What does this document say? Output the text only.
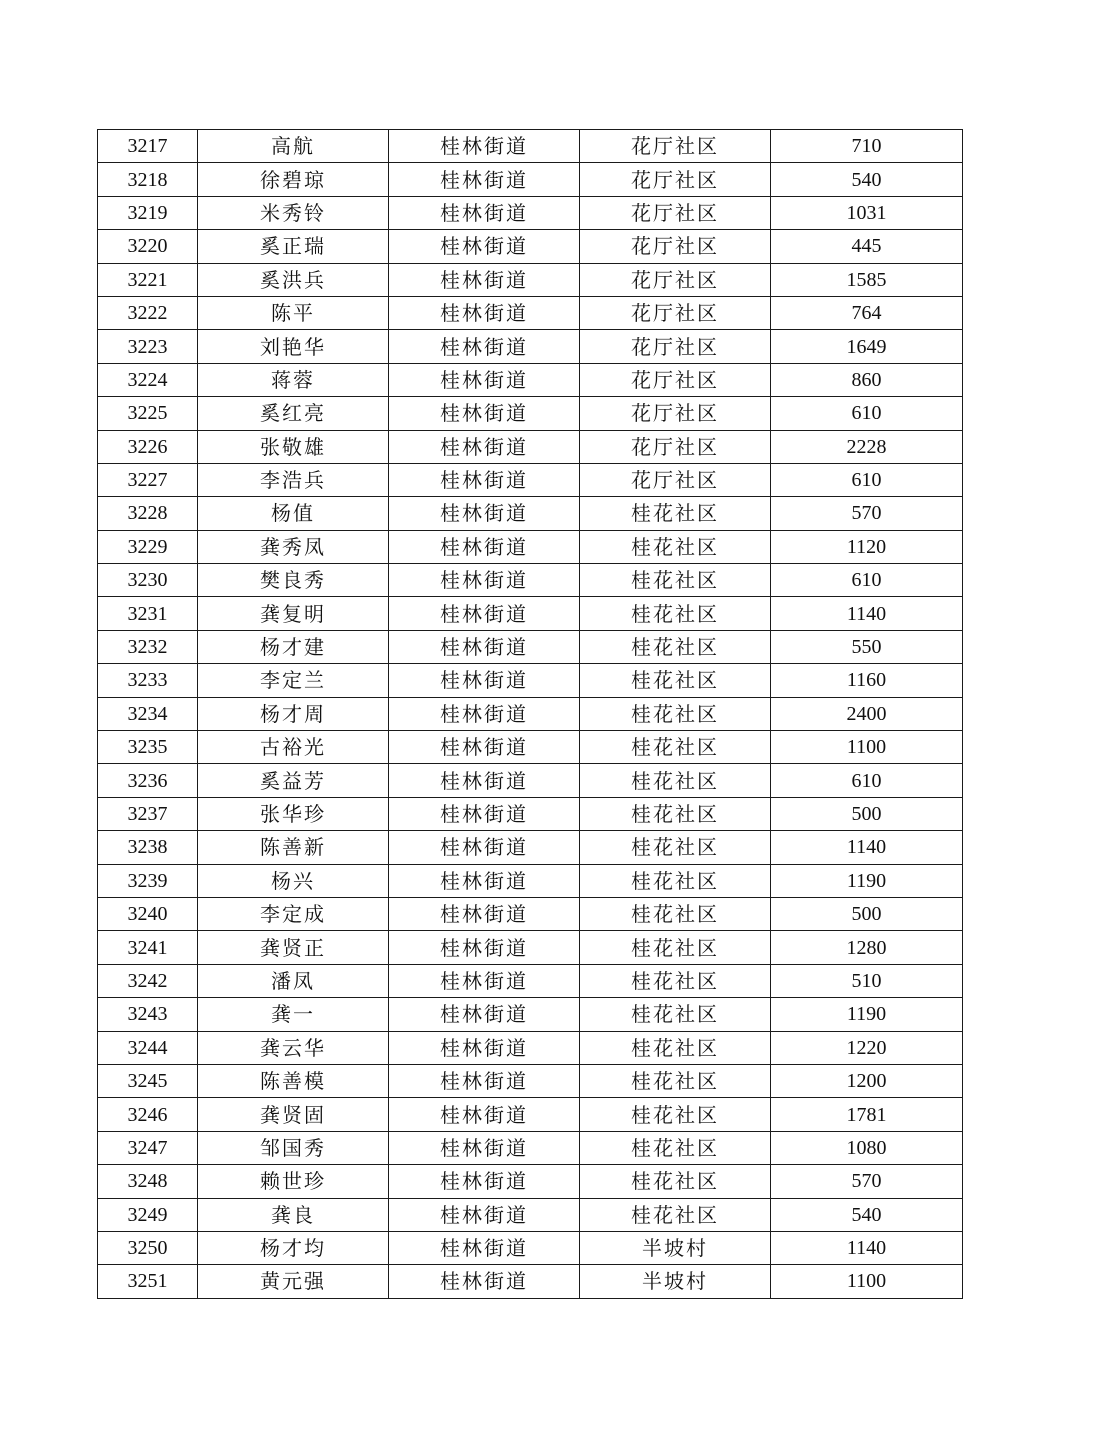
3217	高航	桂林街道	花厅社区	710
3218	徐碧琼	桂林街道	花厅社区	540
3219	米秀铃	桂林街道	花厅社区	1031
3220	奚正瑞	桂林街道	花厅社区	445
3221	奚洪兵	桂林街道	花厅社区	1585
3222	陈平	桂林街道	花厅社区	764
3223	刘艳华	桂林街道	花厅社区	1649
3224	蒋蓉	桂林街道	花厅社区	860
3225	奚红亮	桂林街道	花厅社区	610
3226	张敬雄	桂林街道	花厅社区	2228
3227	李浩兵	桂林街道	花厅社区	610
3228	杨值	桂林街道	桂花社区	570
3229	龚秀凤	桂林街道	桂花社区	1120
3230	樊良秀	桂林街道	桂花社区	610
3231	龚复明	桂林街道	桂花社区	1140
3232	杨才建	桂林街道	桂花社区	550
3233	李定兰	桂林街道	桂花社区	1160
3234	杨才周	桂林街道	桂花社区	2400
3235	古裕光	桂林街道	桂花社区	1100
3236	奚益芳	桂林街道	桂花社区	610
3237	张华珍	桂林街道	桂花社区	500
3238	陈善新	桂林街道	桂花社区	1140
3239	杨兴	桂林街道	桂花社区	1190
3240	李定成	桂林街道	桂花社区	500
3241	龚贤正	桂林街道	桂花社区	1280
3242	潘凤	桂林街道	桂花社区	510
3243	龚一	桂林街道	桂花社区	1190
3244	龚云华	桂林街道	桂花社区	1220
3245	陈善模	桂林街道	桂花社区	1200
3246	龚贤固	桂林街道	桂花社区	1781
3247	邹国秀	桂林街道	桂花社区	1080
3248	赖世珍	桂林街道	桂花社区	570
3249	龚良	桂林街道	桂花社区	540
3250	杨才均	桂林街道	半坡村	1140
3251	黄元强	桂林街道	半坡村	1100
